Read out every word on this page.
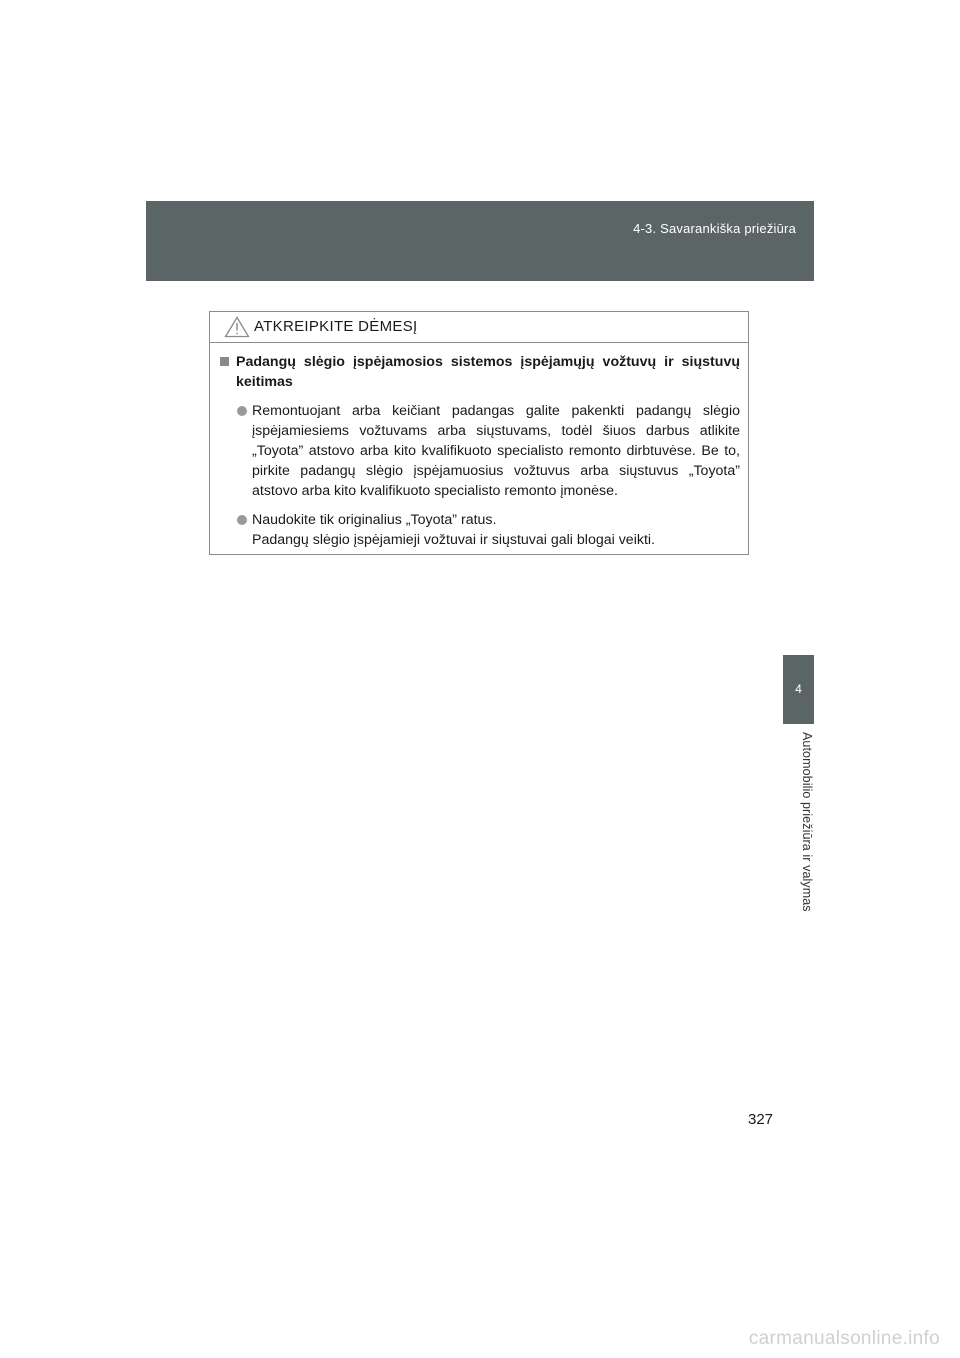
4-3. Savarankiška priežiūra
4
Automobilio priežiūra ir valymas
ATKREIPKITE DĖMESĮ
Padangų slėgio įspėjamosios sistemos įspėjamųjų vožtuvų ir siųstuvų keitimas
Remontuojant arba keičiant padangas galite pakenkti padangų slėgio įspėjamiesiems vožtuvams arba siųstuvams, todėl šiuos darbus atlikite „Toyota” atstovo arba kito kvalifikuoto specialisto remonto dirbtuvėse. Be to, pirkite padangų slėgio įspėjamuosius vožtuvus arba siųstuvus „Toyota” atstovo arba kito kvalifikuoto specialisto remonto įmonėse.
Naudokite tik originalius „Toyota” ratus.
Padangų slėgio įspėjamieji vožtuvai ir siųstuvai gali blogai veikti.
327
carmanualsonline.info
